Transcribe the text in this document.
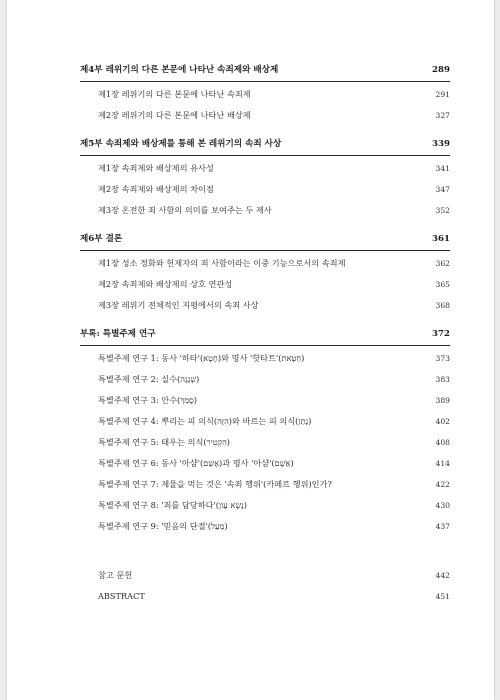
제4부 레위기의 다른 본문에 나타난 속죄제와 배상제	289
제1장 레위기의 다른 본문에 나타난 속죄제	291
제2장 레위기의 다른 본문에 나타난 배상제	327
제5부 속죄제와 배상제를 통해 본 레위기의 속죄 사상	339
제1장 속죄제와 배상제의 유사성	341
제2장 속죄제와 배상제의 차이점	347
제3장 온전한 죄 사함의 의미를 보여주는 두 제사	352
제6부 결론	361
제1장 성소 정화와 헌제자의 죄 사함이라는 이중 기능으로서의 속죄제	362
제2장 속죄제와 배상제의 상호 연관성	365
제3장 레위기 전체적인 지평에서의 속죄 사상	368
부록: 특별주제 연구	372
특별주제 연구 1: 동사 '하타'(חָטָא)와 명사 '핫타트'(חַטָּאת)	373
특별주제 연구 2: 실수(שְׁגָגָה)	383
특별주제 연구 3: 안수(סָמַךְ)	389
특별주제 연구 4: 뿌리는 피 의식(הִזָּה)와 바르는 피 의식(נָתַן)	402
특별주제 연구 5: 태우는 의식(הִקְטִיר)	408
특별주제 연구 6: 동사 '아샴'(אָשַׁם)과 명사 '아샴'(אָשָׁם)	414
특별주제 연구 7: 제물을 먹는 것은 '속죄 행위'(카페르 행위)인가?	422
특별주제 연구 8: '죄를 담당하다'(נָשָׂא עָוֹן)	430
특별주제 연구 9: '믿음의 단절'(מַעַל)	437
참고 문헌	442
ABSTRACT	451
